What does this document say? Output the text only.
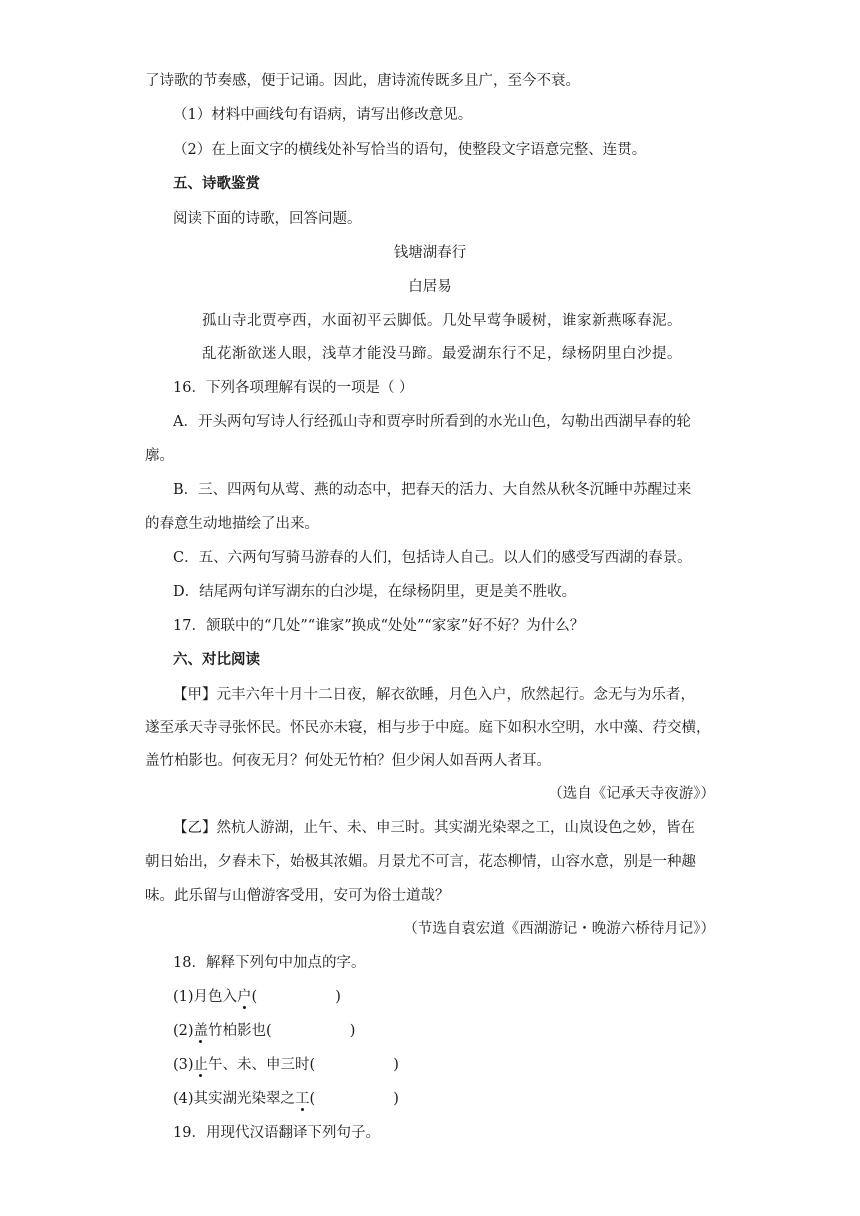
了诗歌的节奏感，便于记诵。因此，唐诗流传既多且广，至今不衰。
（1）材料中画线句有语病，请写出修改意见。
（2）在上面文字的横线处补写恰当的语句，使整段文字语意完整、连贯。
五、诗歌鉴赏
阅读下面的诗歌，回答问题。
钱塘湖春行
白居易
孤山寺北贾亭西，水面初平云脚低。几处早莺争暖树，谁家新燕啄春泥。
乱花渐欲迷人眼，浅草才能没马蹄。最爱湖东行不足，绿杨阴里白沙提。
16．下列各项理解有误的一项是（ ）
A．开头两句写诗人行经孤山寺和贾亭时所看到的水光山色，勾勒出西湖早春的轮
廓。
B．三、四两句从莺、燕的动态中，把春天的活力、大自然从秋冬沉睡中苏醒过来
的春意生动地描绘了出来。
C．五、六两句写骑马游春的人们，包括诗人自己。以人们的感受写西湖的春景。
D．结尾两句详写湖东的白沙堤，在绿杨阴里，更是美不胜收。
17．颔联中的“几处”“谁家”换成“处处”“家家”好不好？为什么？
六、对比阅读
【甲】元丰六年十月十二日夜，解衣欲睡，月色入户，欣然起行。念无与为乐者，
遂至承天寺寻张怀民。怀民亦未寝，相与步于中庭。庭下如积水空明，水中藻、荇交横，
盖竹柏影也。何夜无月？何处无竹柏？但少闲人如吾两人者耳。
（选自《记承天寺夜游》）
【乙】然杭人游湖，止午、未、申三时。其实湖光染翠之工，山岚设色之妙，皆在
朝日始出，夕舂未下，始极其浓媚。月景尤不可言，花态柳情，山容水意，别是一种趣
味。此乐留与山僧游客受用，安可为俗士道哉？
（节选自袁宏道《西湖游记・晚游六桥待月记》）
18．解释下列句中加点的字。
(1)月色入户(	)
(2)盖竹柏影也(	)
(3)止午、未、申三时(	)
(4)其实湖光染翠之工(	)
19．用现代汉语翻译下列句子。
